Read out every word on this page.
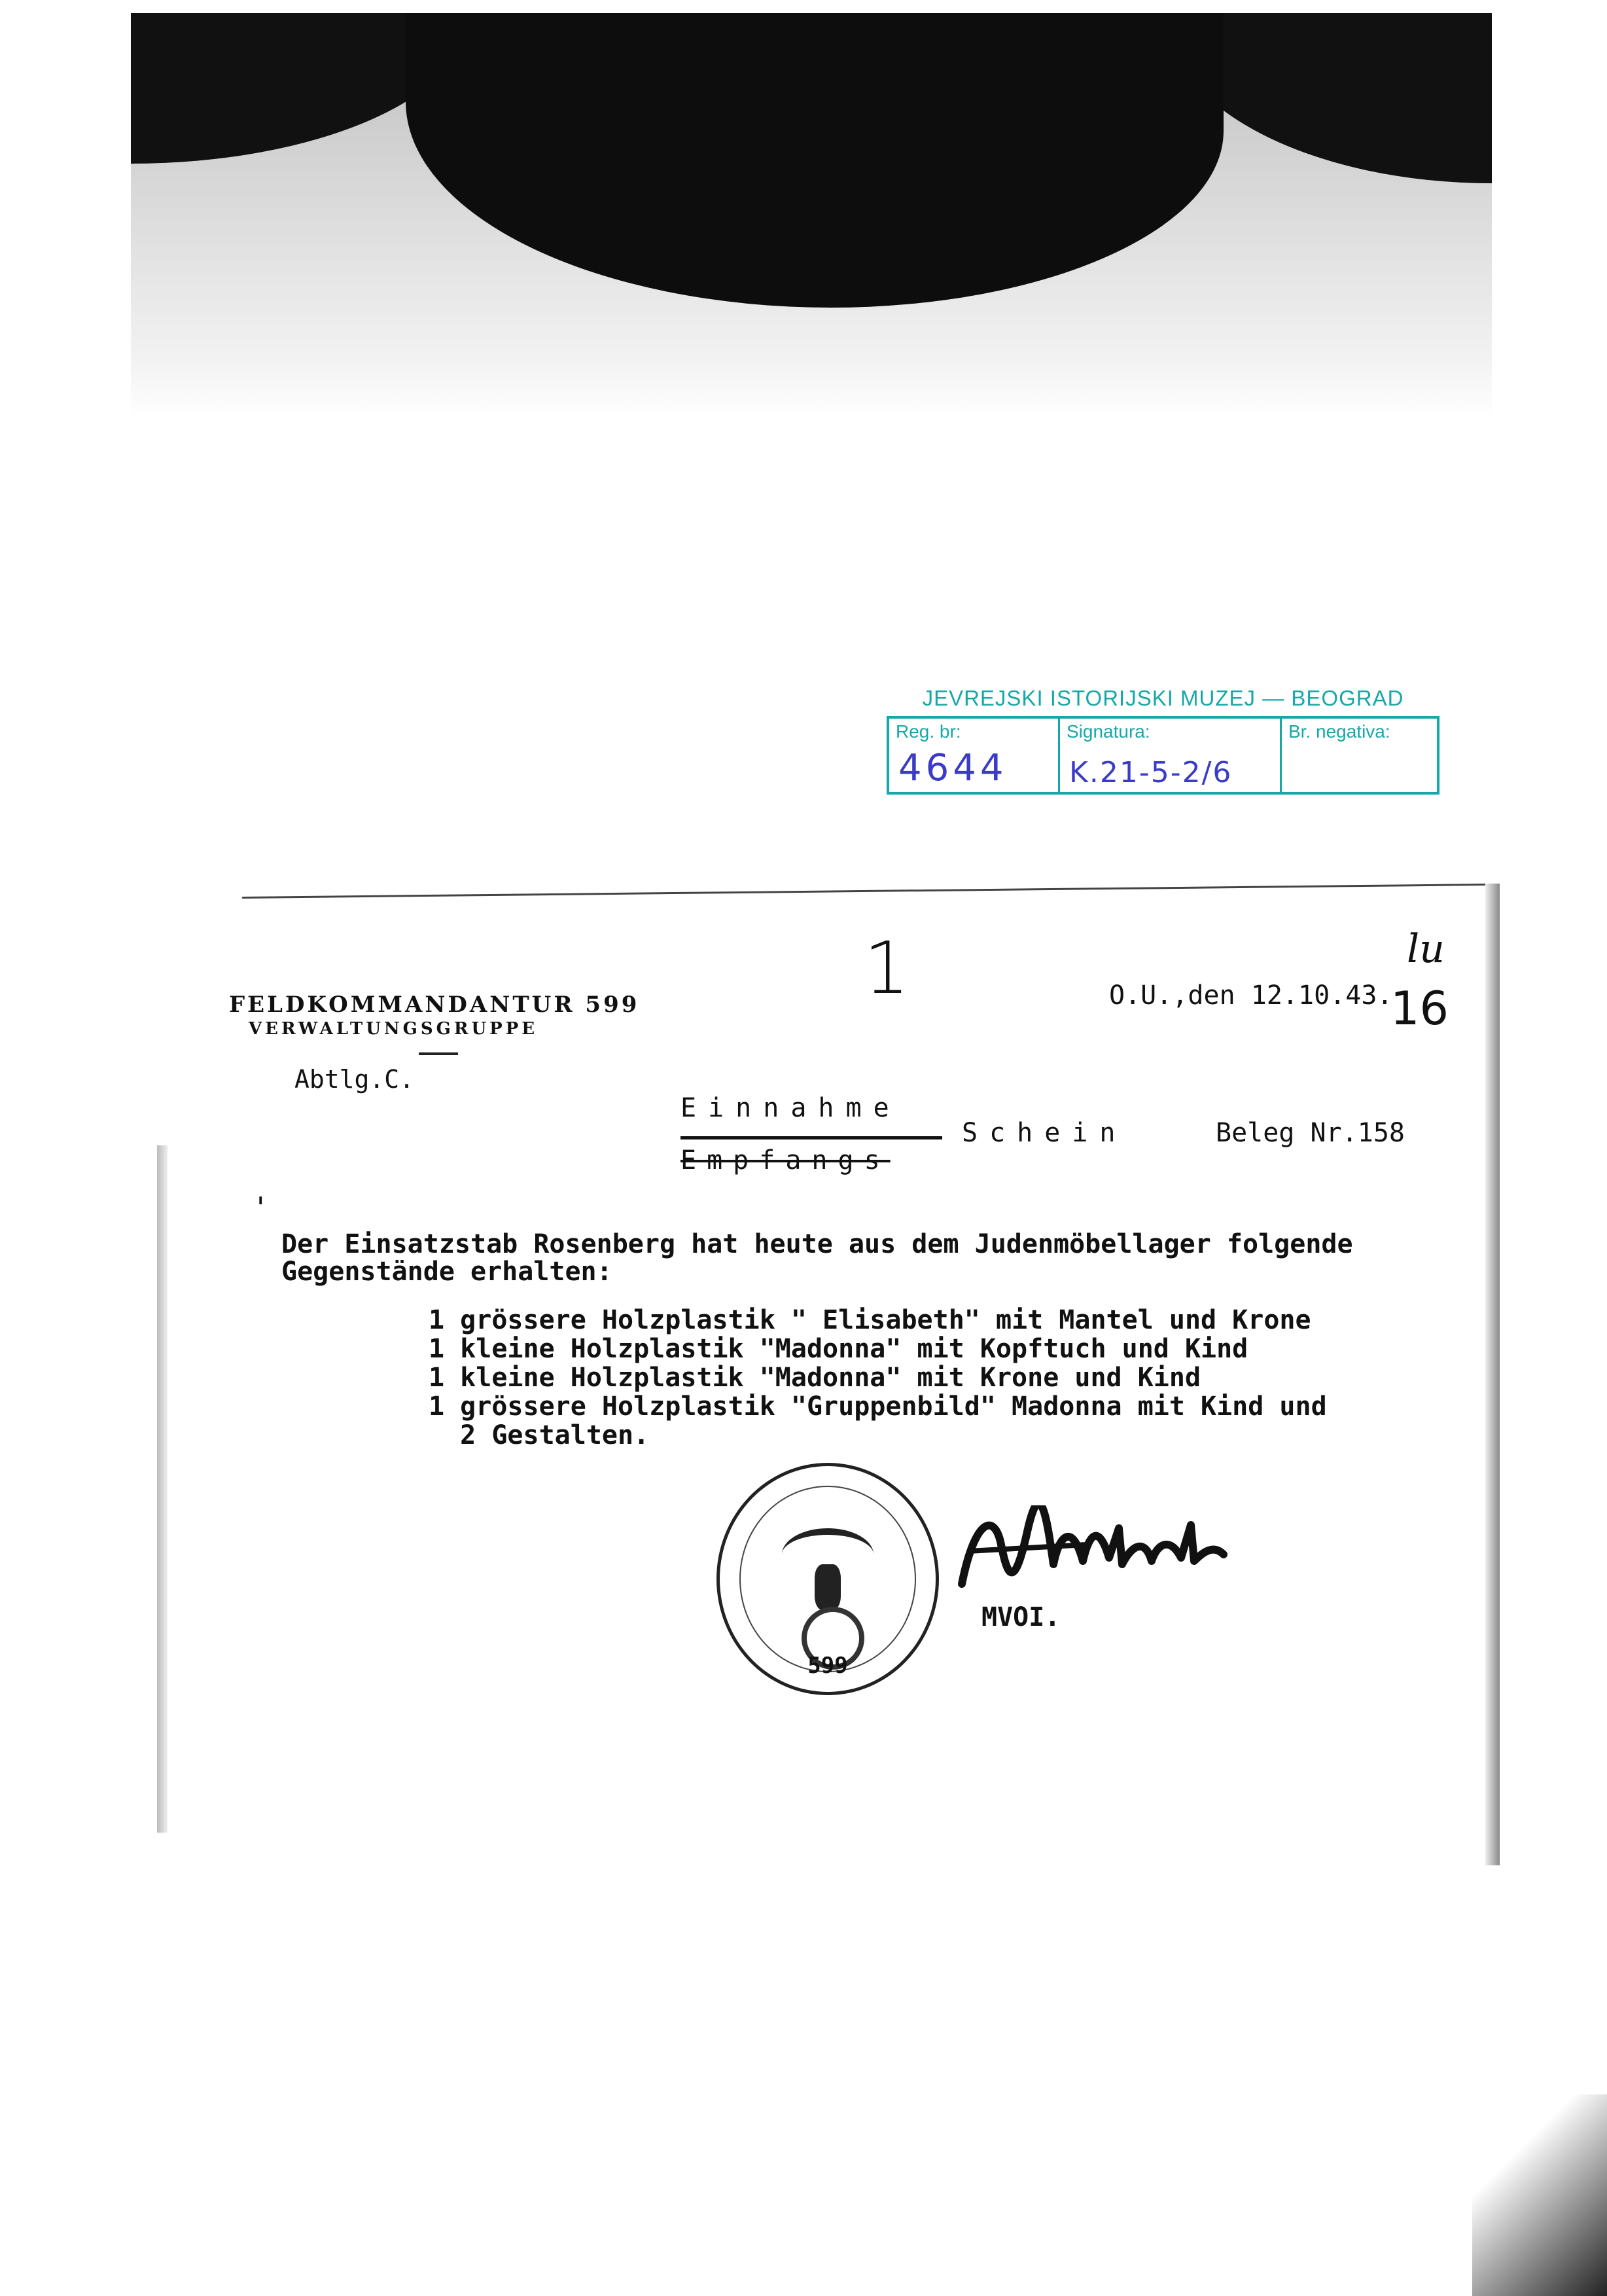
JEVREJSKI ISTORIJSKI MUZEJ — BEOGRAD
Reg. br:
4644
Signatura:
K.21-5-2/6
Br. negativa:
lu
1
FELDKOMMANDANTUR 599
VERWALTUNGSGRUPPE
Abtlg.C.
O.U.,den 12.10.43.
16
Einnahme
Schein	Beleg Nr.158
Empfangs
'
Der Einsatzstab Rosenberg hat heute aus dem Judenmöbellager folgende Gegenstände erhalten:
1 grössere Holzplastik " Elisabeth" mit Mantel und Krone
1 kleine Holzplastik "Madonna" mit Kopftuch und Kind
1 kleine Holzplastik "Madonna" mit Krone und Kind
1 grössere Holzplastik "Gruppenbild" Madonna mit Kind und
2 Gestalten.
599
MVOI.
